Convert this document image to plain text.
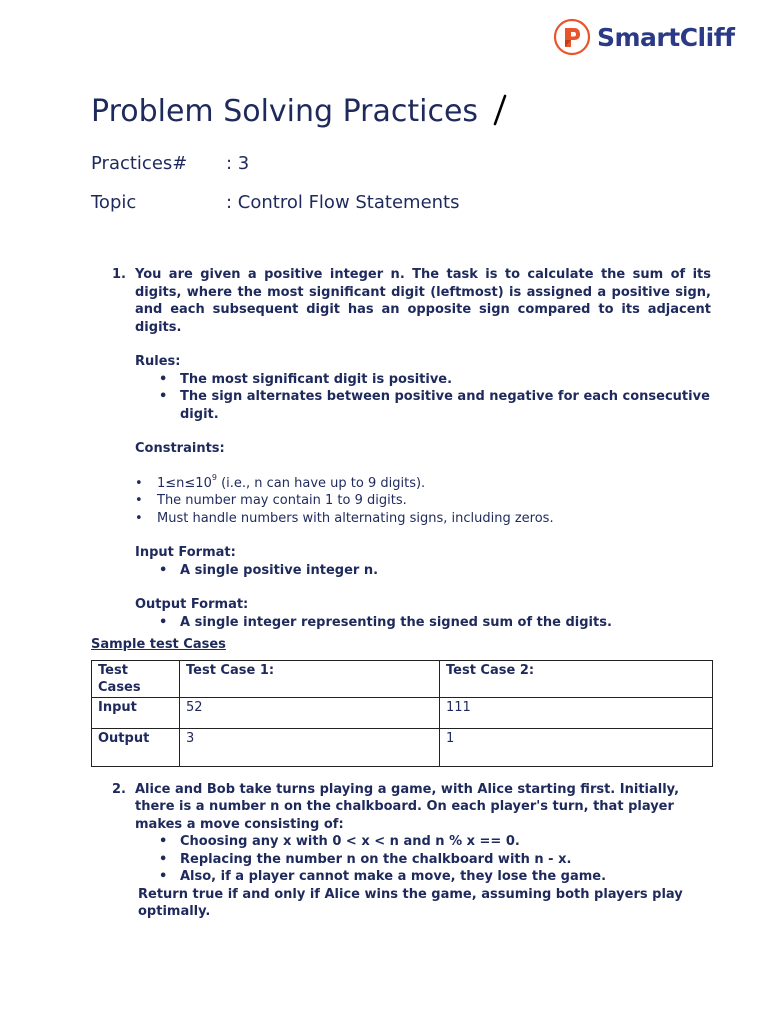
SmartCliff
Problem Solving Practices
Practices# : 3
Topic	: Control Flow Statements
1. You are given a positive integer n. The task is to calculate the sum of its digits, where the most significant digit (leftmost) is assigned a positive sign, and each subsequent digit has an opposite sign compared to its adjacent digits.
Rules:
• The most significant digit is positive.
• The sign alternates between positive and negative for each consecutive digit.
Constraints:
• $1\le n\le 10^9$ (i.e., n can have up to 9 digits).
• The number may contain 1 to 9 digits.
• Must handle numbers with alternating signs, including zeros.
Input Format:
• A single positive integer n.
Output Format:
• A single integer representing the signed sum of the digits.
Sample test Cases
Test Cases	Test Case 1:	Test Case 2:
Input	52	111
Output	3	1
2. Alice and Bob take turns playing a game, with Alice starting first. Initially, there is a number n on the chalkboard. On each player's turn, that player makes a move consisting of:
• Choosing any x with 0 < x < n and n % x == 0.
• Replacing the number n on the chalkboard with n - x.
• Also, if a player cannot make a move, they lose the game.
Return true if and only if Alice wins the game, assuming both players play optimally.
